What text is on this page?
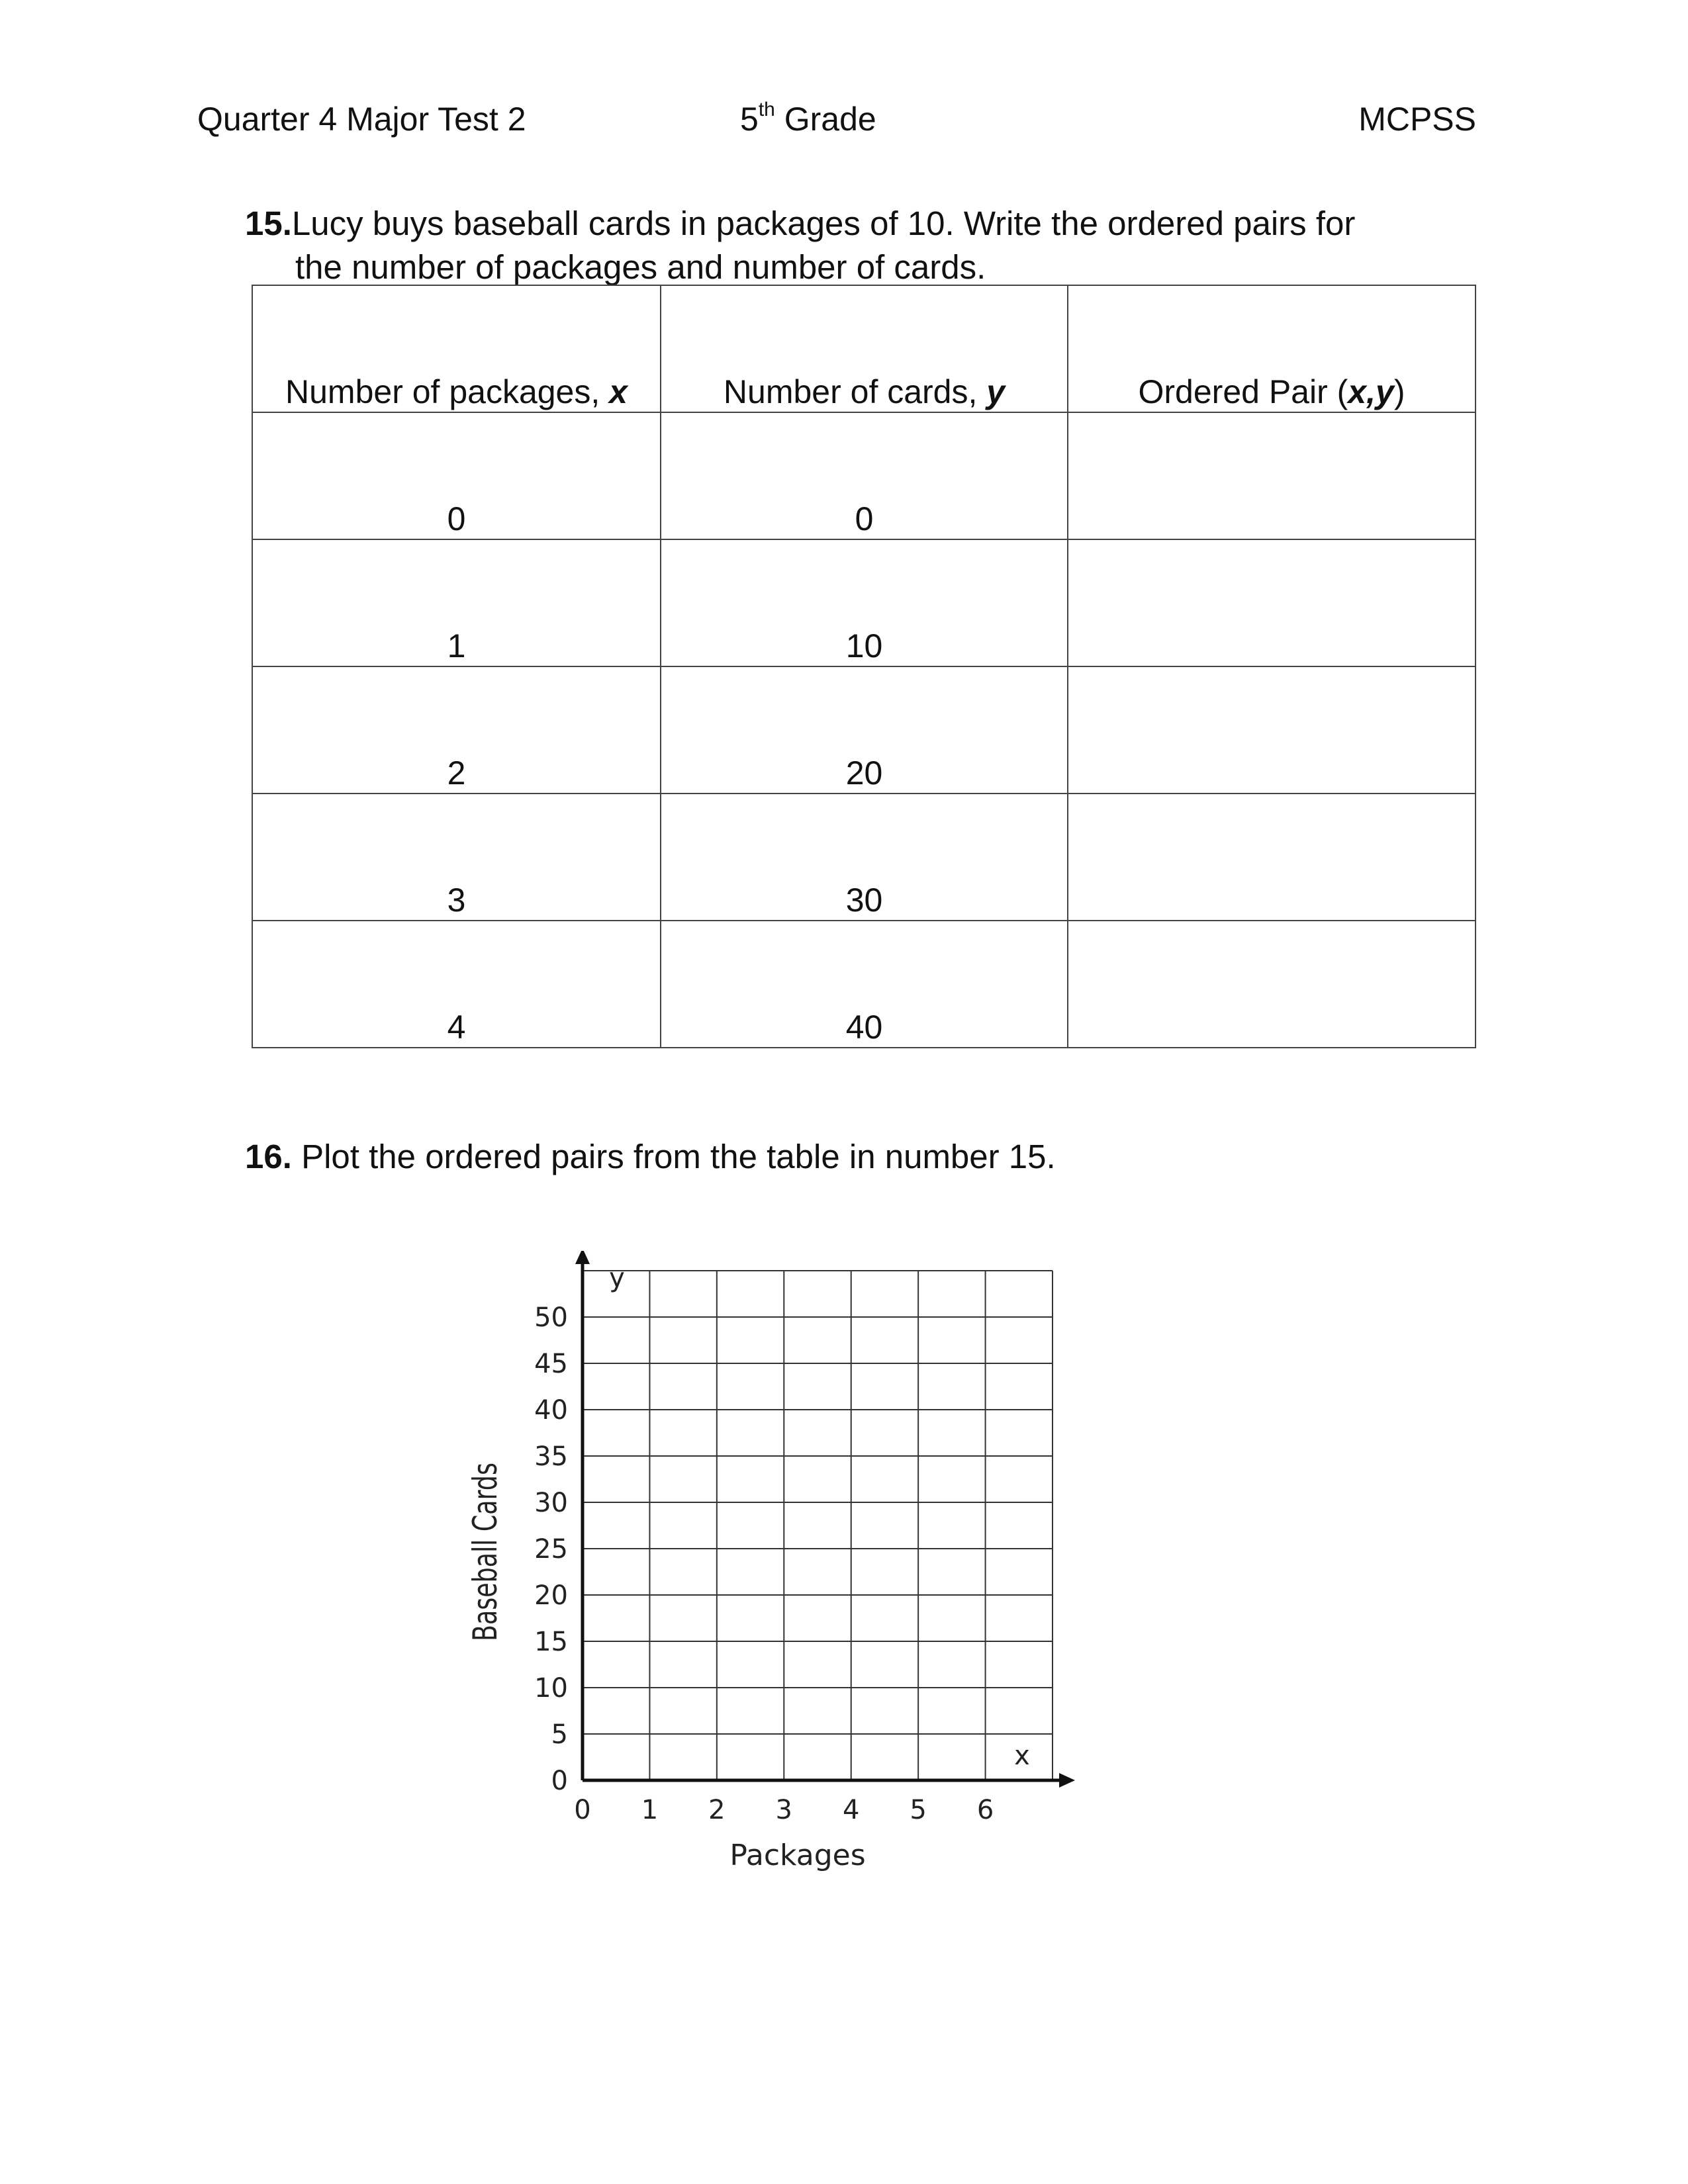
Quarter 4 Major Test 2	5th Grade	MCPSS
15.Lucy buys baseball cards in packages of 10. Write the ordered pairs for
the number of packages and number of cards.
Number of packages, x	Number of cards, y	Ordered Pair (x,y)
0	0	
1	10	
2	20	
3	30	
4	40	
16. Plot the ordered pairs from the table in number 15.
0
5
10
15
20
25
30
35
40
45
50
0 1 2 3 4 5 6
Baseball Cards
Packages
y
x
